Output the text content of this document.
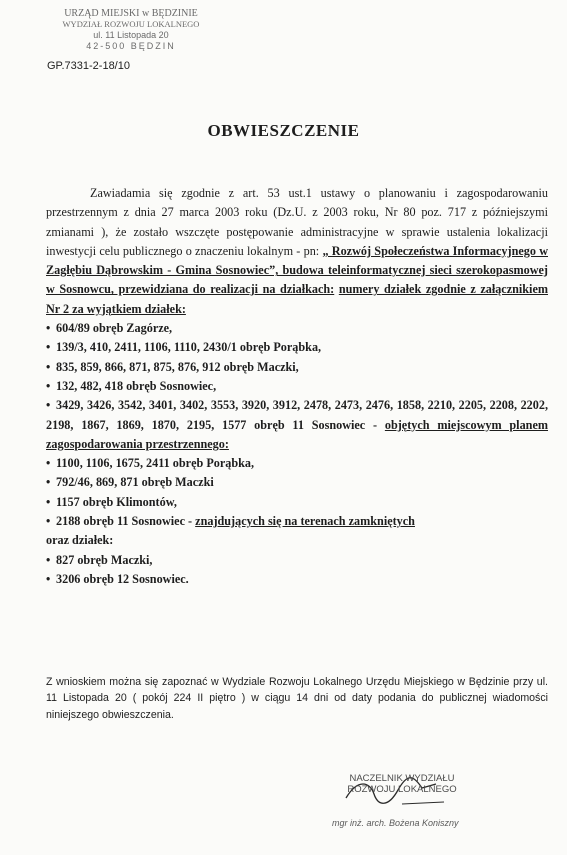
URZĄD MIEJSKI w BĘDZINIE
WYDZIAŁ ROZWOJU LOKALNEGO
ul. 11 Listopada 20
42-500 BĘDZIN
GP.7331-2-18/10
OBWIESZCZENIE

Zawiadamia się zgodnie z art. 53 ust.1 ustawy o planowaniu i zagospodarowaniu przestrzennym z dnia 27 marca 2003 roku (Dz.U. z 2003 roku, Nr 80 poz. 717 z późniejszymi zmianami ), że zostało wszczęte postępowanie administracyjne w sprawie ustalenia lokalizacji inwestycji celu publicznego o znaczeniu lokalnym - pn: „ Rozwój Społeczeństwa Informacyjnego w Zagłębiu Dąbrowskim - Gmina Sosnowiec”, budowa teleinformatycznej sieci szerokopasmowej w Sosnowcu, przewidziana do realizacji na działkach: numery działek zgodnie z załącznikiem Nr 2 za wyjątkiem działek:

• 604/89 obręb Zagórze,
• 139/3, 410, 2411, 1106, 1110, 2430/1 obręb Porąbka,
• 835, 859, 866, 871, 875, 876, 912 obręb Maczki,
• 132, 482, 418 obręb Sosnowiec,
• 3429, 3426, 3542, 3401, 3402, 3553, 3920, 3912, 2478, 2473, 2476, 1858, 2210, 2205, 2208, 2202, 2198, 1867, 1869, 1870, 2195, 1577 obręb 11 Sosnowiec - objętych miejscowym planem zagospodarowania przestrzennego:
• 1100, 1106, 1675, 2411 obręb Porąbka,
• 792/46, 869, 871 obręb Maczki
• 1157 obręb Klimontów,
• 2188 obręb 11 Sosnowiec - znajdujących się na terenach zamkniętych
oraz działek:
• 827 obręb Maczki,
• 3206 obręb 12 Sosnowiec.

Z wnioskiem można się zapoznać w Wydziale Rozwoju Lokalnego Urzędu Miejskiego w Będzinie przy ul. 11 Listopada 20 ( pokój 224 II piętro ) w ciągu 14 dni od daty podania do publicznej wiadomości niniejszego obwieszczenia.

NACZELNIK WYDZIAŁU
ROZWOJU LOKALNEGO
mgr inż. arch. Bożena Koniszny
